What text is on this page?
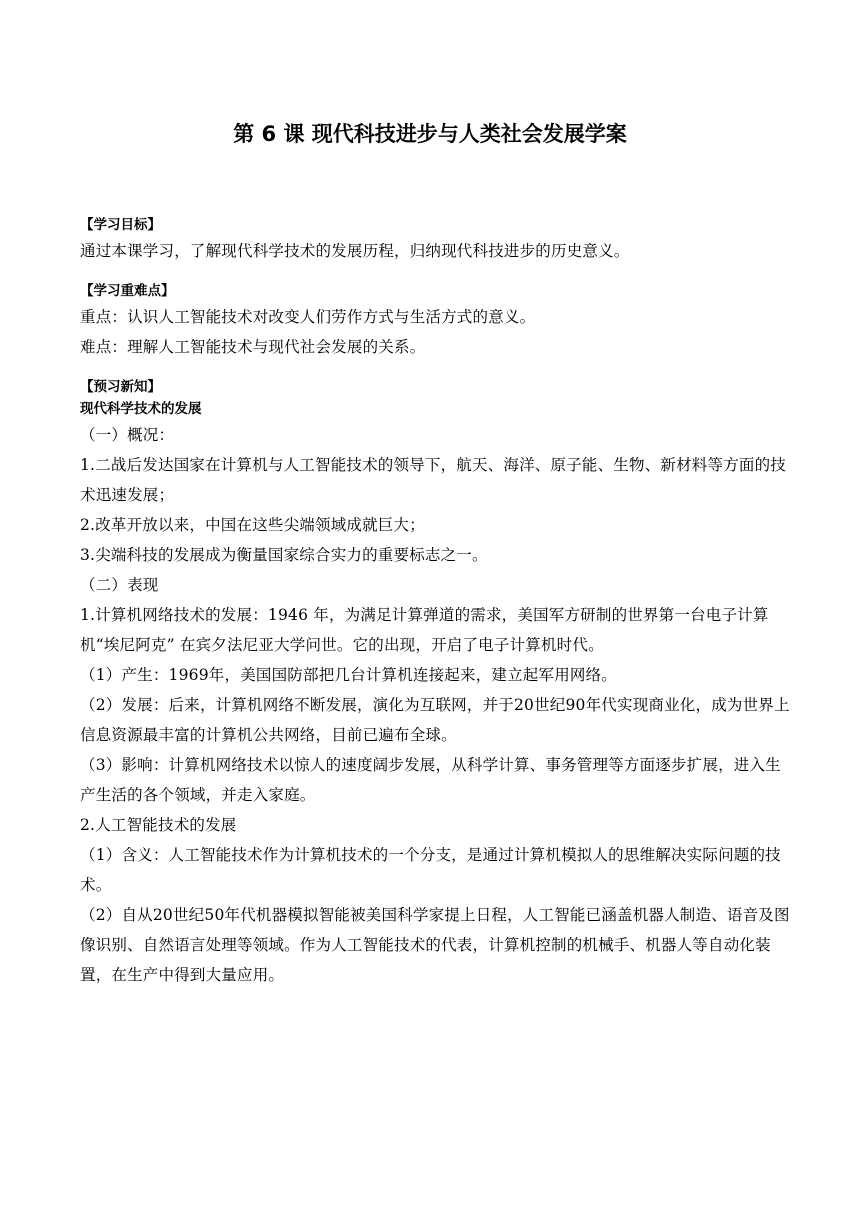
第 6 课 现代科技进步与人类社会发展学案
【学习目标】
通过本课学习，了解现代科学技术的发展历程，归纳现代科技进步的历史意义。
【学习重难点】
重点：认识人工智能技术对改变人们劳作方式与生活方式的意义。
难点：理解人工智能技术与现代社会发展的关系。
【预习新知】
现代科学技术的发展
（一）概况：
1.二战后发达国家在计算机与人工智能技术的领导下，航天、海洋、原子能、生物、新材料等方面的技术迅速发展；
2.改革开放以来，中国在这些尖端领域成就巨大；
3.尖端科技的发展成为衡量国家综合实力的重要标志之一。
（二）表现
1.计算机网络技术的发展：1946 年，为满足计算弹道的需求，美国军方研制的世界第一台电子计算机“埃尼阿克” 在宾夕法尼亚大学问世。它的出现，开启了电子计算机时代。
（1）产生：1969年，美国国防部把几台计算机连接起来，建立起军用网络。
（2）发展：后来，计算机网络不断发展，演化为互联网，并于20世纪90年代实现商业化，成为世界上信息资源最丰富的计算机公共网络，目前已遍布全球。
（3）影响：计算机网络技术以惊人的速度阔步发展，从科学计算、事务管理等方面逐步扩展，进入生产生活的各个领域，并走入家庭。
2.人工智能技术的发展
（1）含义：人工智能技术作为计算机技术的一个分支，是通过计算机模拟人的思维解决实际问题的技术。
（2）自从20世纪50年代机器模拟智能被美国科学家提上日程，人工智能已涵盖机器人制造、语音及图像识别、自然语言处理等领域。作为人工智能技术的代表，计算机控制的机械手、机器人等自动化装置，在生产中得到大量应用。
